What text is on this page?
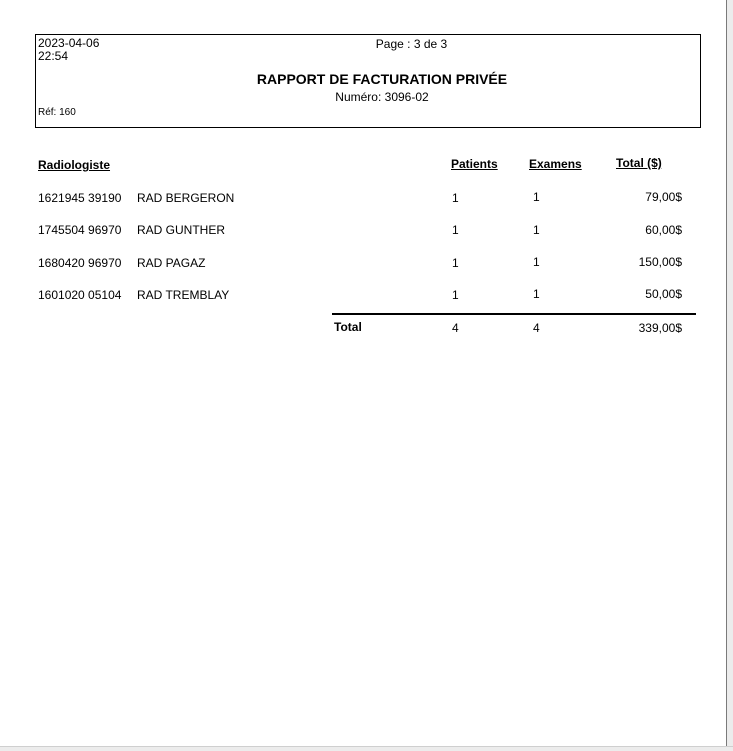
2023-04-06
22:54
Page : 3 de 3
RAPPORT DE FACTURATION PRIVÉE
Numéro: 3096-02
Réf: 160
Radiologiste	Patients	Examens	Total ($)
1621945 39190 RAD BERGERON	1	1	79,00$
1745504 96970 RAD GUNTHER	1	1	60,00$
1680420 96970 RAD PAGAZ	1	1	150,00$
1601020 05104 RAD TREMBLAY	1	1	50,00$
Total	4	4	339,00$
